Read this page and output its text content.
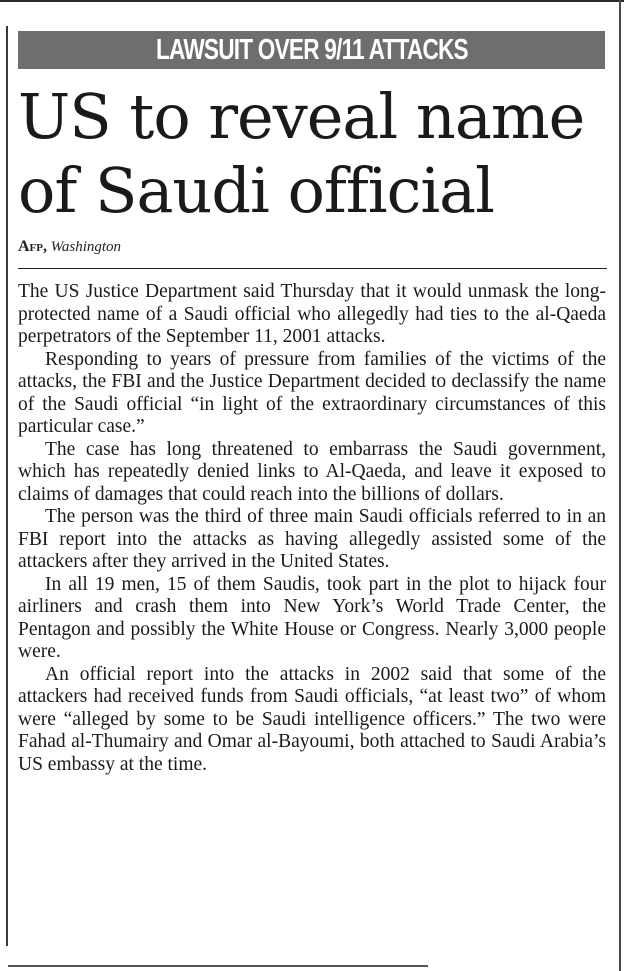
LAWSUIT OVER 9/11 ATTACKS
US to reveal name of Saudi official
Afp, Washington

The US Justice Department said Thursday that it would unmask the long-protected name of a Saudi official who allegedly had ties to the al-Qaeda perpetrators of the September 11, 2001 attacks.

Responding to years of pressure from families of the victims of the attacks, the FBI and the Justice Department decided to declassify the name of the Saudi official “in light of the extraordinary circumstances of this particular case.”

The case has long threatened to embarrass the Saudi government, which has repeatedly denied links to Al-Qaeda, and leave it exposed to claims of damages that could reach into the billions of dollars.

The person was the third of three main Saudi officials referred to in an FBI report into the attacks as having allegedly assisted some of the attackers after they arrived in the United States.

In all 19 men, 15 of them Saudis, took part in the plot to hijack four airliners and crash them into New York’s World Trade Center, the Pentagon and possibly the White House or Congress. Nearly 3,000 people were.

An official report into the attacks in 2002 said that some of the attackers had received funds from Saudi officials, “at least two” of whom were “alleged by some to be Saudi intelligence officers.” The two were Fahad al-Thumairy and Omar al-Bayoumi, both attached to Saudi Arabia’s US embassy at the time.
